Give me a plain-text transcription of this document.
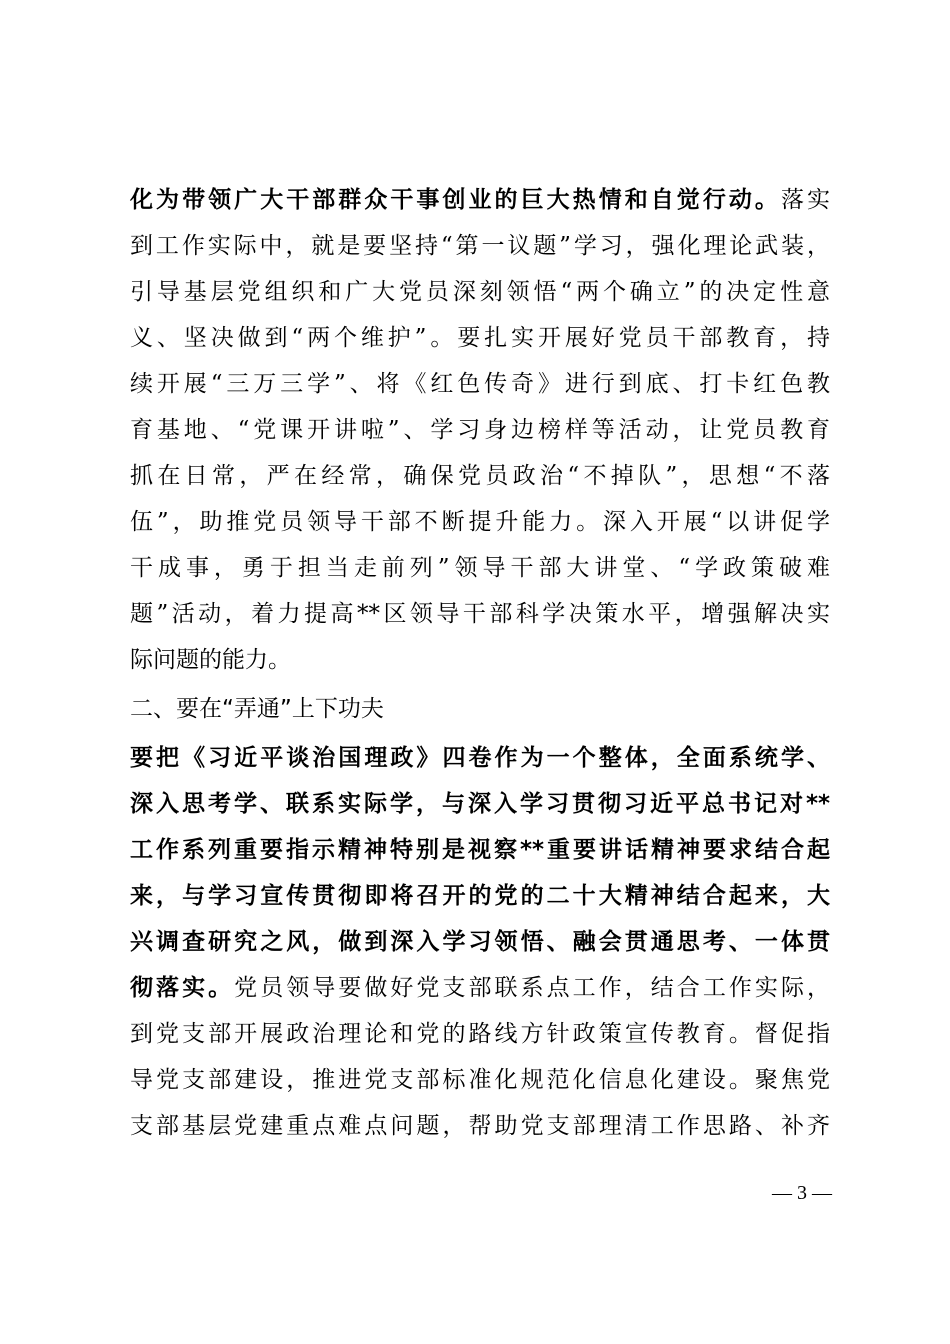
化为带领广大干部群众干事创业的巨大热情和自觉行动。落实
到工作实际中，就是要坚持“第一议题”学习，强化理论武装，
引导基层党组织和广大党员深刻领悟“两个确立”的决定性意
义、坚决做到“两个维护”。要扎实开展好党员干部教育，持
续开展“三万三学”、将《红色传奇》进行到底、打卡红色教
育基地、“党课开讲啦”、学习身边榜样等活动，让党员教育
抓在日常，严在经常，确保党员政治“不掉队”，思想“不落
伍”，助推党员领导干部不断提升能力。深入开展“以讲促学
干成事，勇于担当走前列”领导干部大讲堂、“学政策破难
题”活动，着力提高**区领导干部科学决策水平，增强解决实
际问题的能力。
二、要在“弄通”上下功夫
要把《习近平谈治国理政》四卷作为一个整体，全面系统学、
深入思考学、联系实际学，与深入学习贯彻习近平总书记对**
工作系列重要指示精神特别是视察**重要讲话精神要求结合起
来，与学习宣传贯彻即将召开的党的二十大精神结合起来，大
兴调查研究之风，做到深入学习领悟、融会贯通思考、一体贯
彻落实。党员领导要做好党支部联系点工作，结合工作实际，
到党支部开展政治理论和党的路线方针政策宣传教育。督促指
导党支部建设，推进党支部标准化规范化信息化建设。聚焦党
支部基层党建重点难点问题，帮助党支部理清工作思路、补齐
— 3 —
